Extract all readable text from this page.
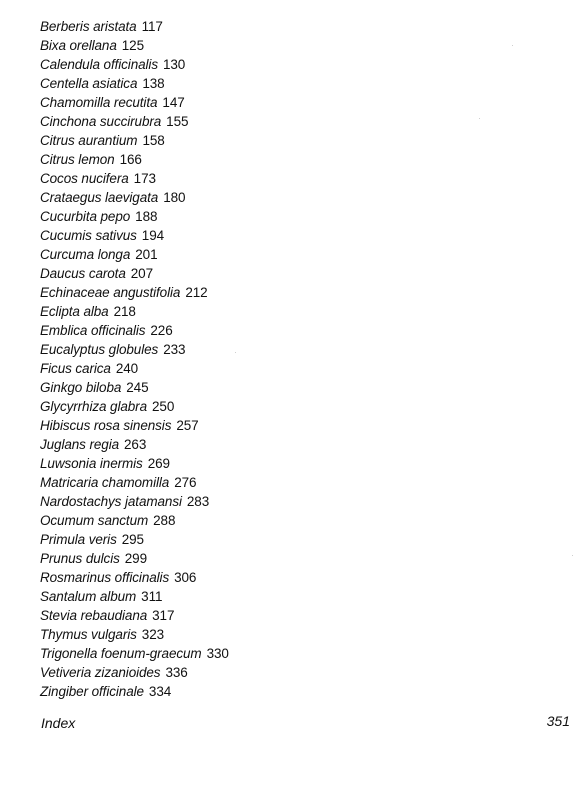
Berberis aristata 117
Bixa orellana 125
Calendula officinalis 130
Centella asiatica 138
Chamomilla recutita 147
Cinchona succirubra 155
Citrus aurantium 158
Citrus lemon 166
Cocos nucifera 173
Crataegus laevigata 180
Cucurbita pepo 188
Cucumis sativus 194
Curcuma longa 201
Daucus carota 207
Echinaceae angustifolia 212
Eclipta alba 218
Emblica officinalis 226
Eucalyptus globules 233
Ficus carica 240
Ginkgo biloba 245
Glycyrrhiza glabra 250
Hibiscus rosa sinensis 257
Juglans regia 263
Luwsonia inermis 269
Matricaria chamomilla 276
Nardostachys jatamansi 283
Ocumum sanctum 288
Primula veris 295
Prunus dulcis 299
Rosmarinus officinalis 306
Santalum album 311
Stevia rebaudiana 317
Thymus vulgaris 323
Trigonella foenum-graecum 330
Vetiveria zizanioides 336
Zingiber officinale 334
Index	351
